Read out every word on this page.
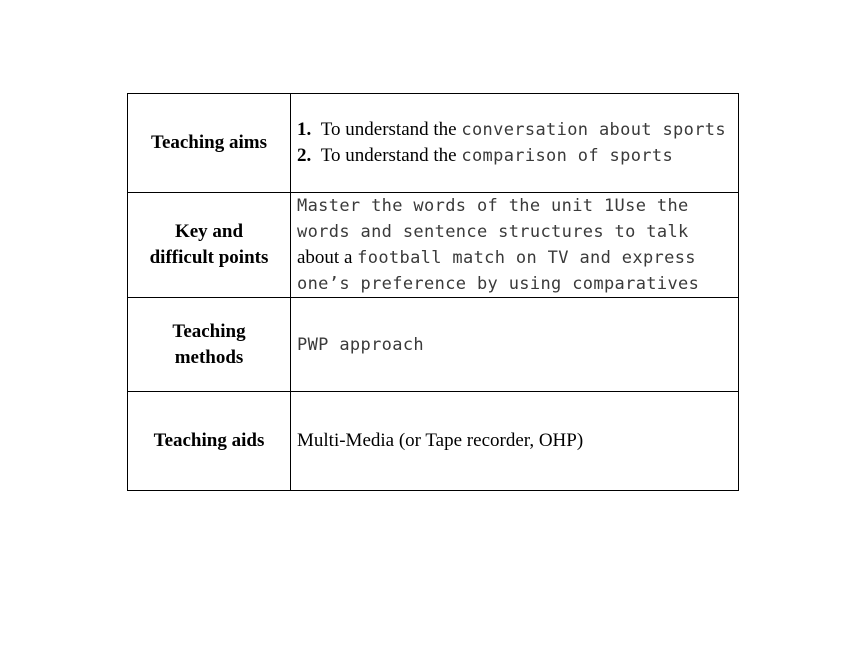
Teaching aims	1. To understand the conversation about sports 2. To understand the comparison of sports
Key and
difficult points	Master the words of the unit 1Use the words and sentence structures to talk about a football match on TV and express one’s preference by using comparatives
Teaching
methods	PWP approach
Teaching aids	Multi-Media (or Tape recorder, OHP)
